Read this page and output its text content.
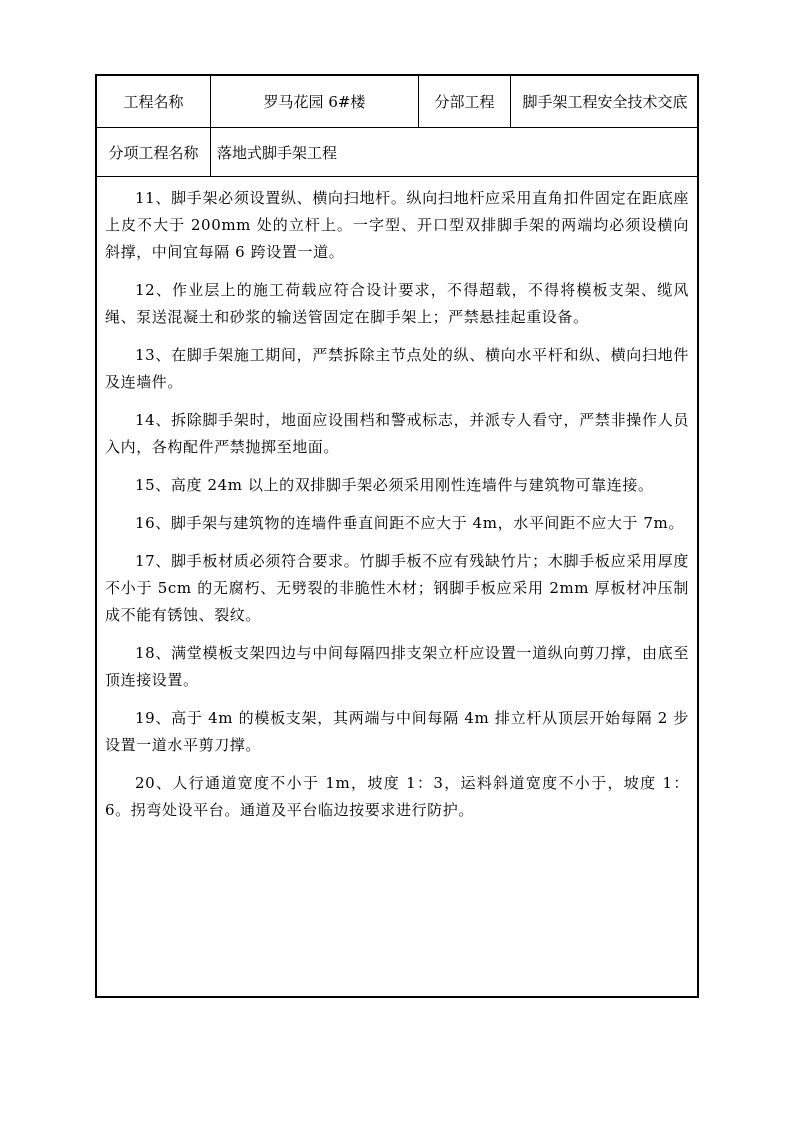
工程名称	罗马花园 6#楼	分部工程	脚手架工程安全技术交底
分项工程名称	落地式脚手架工程

11、脚手架必须设置纵、横向扫地杆。纵向扫地杆应采用直角扣件固定在距底座上皮不大于 200mm 处的立杆上。一字型、开口型双排脚手架的两端均必须设横向斜撑，中间宜每隔 6 跨设置一道。

12、作业层上的施工荷载应符合设计要求，不得超载，不得将模板支架、缆风绳、泵送混凝土和砂浆的输送管固定在脚手架上；严禁悬挂起重设备。

13、在脚手架施工期间，严禁拆除主节点处的纵、横向水平杆和纵、横向扫地件及连墙件。

14、拆除脚手架时，地面应设围档和警戒标志，并派专人看守，严禁非操作人员入内，各构配件严禁抛掷至地面。

15、高度 24m 以上的双排脚手架必须采用刚性连墙件与建筑物可靠连接。

16、脚手架与建筑物的连墙件垂直间距不应大于 4m，水平间距不应大于 7m。

17、脚手板材质必须符合要求。竹脚手板不应有残缺竹片；木脚手板应采用厚度不小于 5cm 的无腐朽、无劈裂的非脆性木材；钢脚手板应采用 2mm 厚板材冲压制成不能有锈蚀、裂纹。

18、满堂模板支架四边与中间每隔四排支架立杆应设置一道纵向剪刀撑，由底至顶连接设置。

19、高于 4m 的模板支架，其两端与中间每隔 4m 排立杆从顶层开始每隔 2 步设置一道水平剪刀撑。

20、人行通道宽度不小于 1m，坡度 1：3，运料斜道宽度不小于，坡度 1：6。拐弯处设平台。通道及平台临边按要求进行防护。
